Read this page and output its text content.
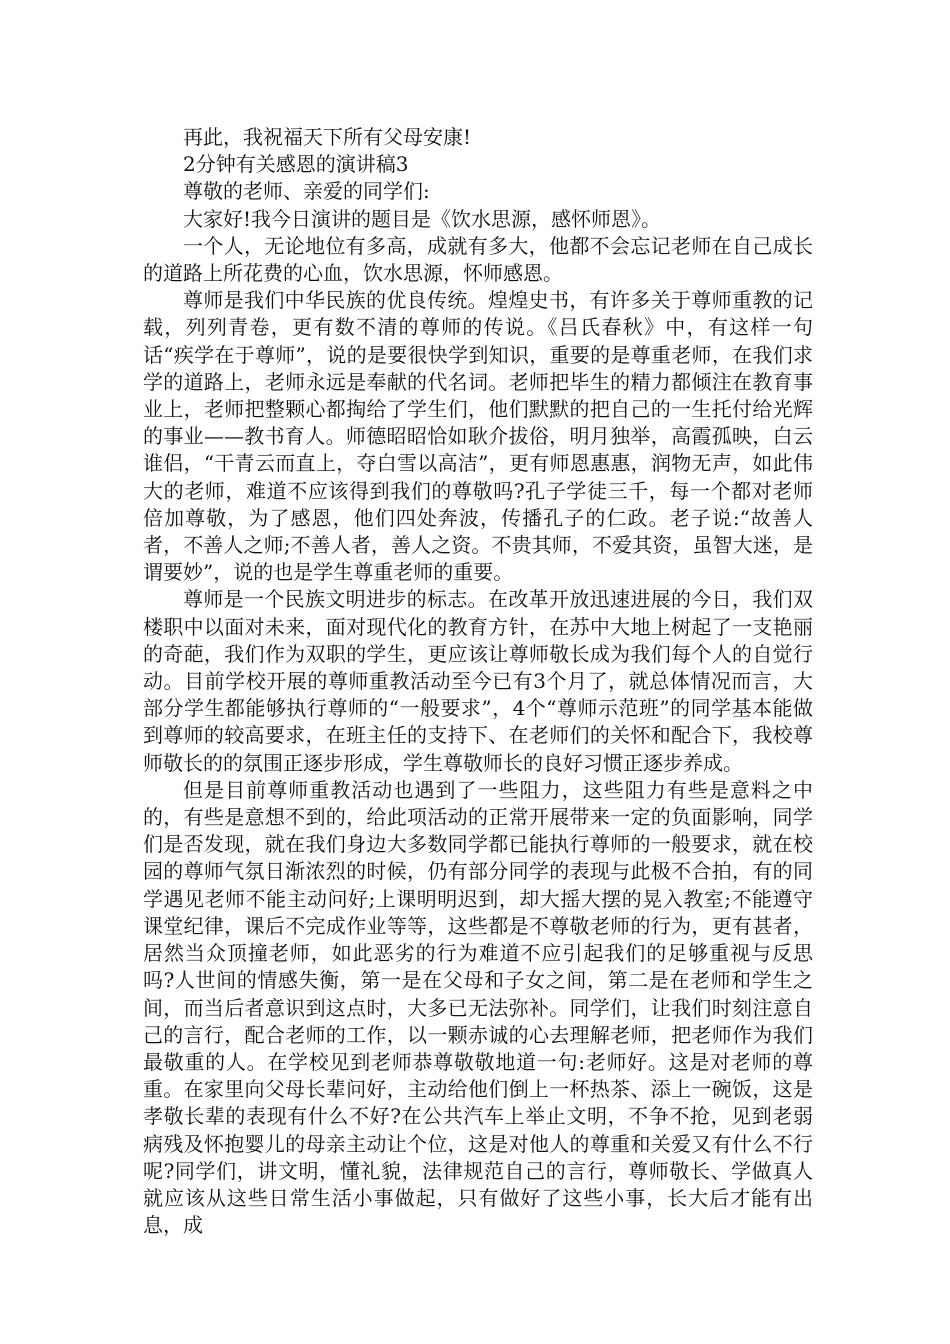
再此，我祝福天下所有父母安康!

2分钟有关感恩的演讲稿3

尊敬的老师、亲爱的同学们:

大家好!我今日演讲的题目是《饮水思源，感怀师恩》。

一个人，无论地位有多高，成就有多大，他都不会忘记老师在自己成长的道路上所花费的心血，饮水思源，怀师感恩。

尊师是我们中华民族的优良传统。煌煌史书，有许多关于尊师重教的记载，列列青卷，更有数不清的尊师的传说。《吕氏春秋》中，有这样一句话“疾学在于尊师”，说的是要很快学到知识，重要的是尊重老师，在我们求学的道路上，老师永远是奉献的代名词。老师把毕生的精力都倾注在教育事业上，老师把整颗心都掏给了学生们，他们默默的把自己的一生托付给光辉的事业——教书育人。师德昭昭恰如耿介拔俗，明月独举，高霞孤映，白云谁侣，“干青云而直上，夺白雪以高洁”，更有师恩惠惠，润物无声，如此伟大的老师，难道不应该得到我们的尊敬吗?孔子学徒三千，每一个都对老师倍加尊敬，为了感恩，他们四处奔波，传播孔子的仁政。老子说:“故善人者，不善人之师;不善人者，善人之资。不贵其师，不爱其资，虽智大迷，是谓要妙”，说的也是学生尊重老师的重要。

尊师是一个民族文明进步的标志。在改革开放迅速进展的今日，我们双楼职中以面对未来，面对现代化的教育方针，在苏中大地上树起了一支艳丽的奇葩，我们作为双职的学生，更应该让尊师敬长成为我们每个人的自觉行动。目前学校开展的尊师重教活动至今已有3个月了，就总体情况而言，大部分学生都能够执行尊师的“一般要求”，4个“尊师示范班”的同学基本能做到尊师的较高要求，在班主任的支持下、在老师们的关怀和配合下，我校尊师敬长的的氛围正逐步形成，学生尊敬师长的良好习惯正逐步养成。

但是目前尊师重教活动也遇到了一些阻力，这些阻力有些是意料之中的，有些是意想不到的，给此项活动的正常开展带来一定的负面影响，同学们是否发现，就在我们身边大多数同学都已能执行尊师的一般要求，就在校园的尊师气氛日渐浓烈的时候，仍有部分同学的表现与此极不合拍，有的同学遇见老师不能主动问好;上课明明迟到，却大摇大摆的晃入教室;不能遵守课堂纪律，课后不完成作业等等，这些都是不尊敬老师的行为，更有甚者，居然当众顶撞老师，如此恶劣的行为难道不应引起我们的足够重视与反思吗?人世间的情感失衡，第一是在父母和子女之间，第二是在老师和学生之间，而当后者意识到这点时，大多已无法弥补。同学们，让我们时刻注意自己的言行，配合老师的工作，以一颗赤诚的心去理解老师，把老师作为我们最敬重的人。在学校见到老师恭尊敬敬地道一句:老师好。这是对老师的尊重。在家里向父母长辈问好，主动给他们倒上一杯热茶、添上一碗饭，这是孝敬长辈的表现有什么不好?在公共汽车上举止文明，不争不抢，见到老弱病残及怀抱婴儿的母亲主动让个位，这是对他人的尊重和关爱又有什么不行呢?同学们，讲文明，懂礼貌，法律规范自己的言行，尊师敬长、学做真人就应该从这些日常生活小事做起，只有做好了这些小事，长大后才能有出息，成
